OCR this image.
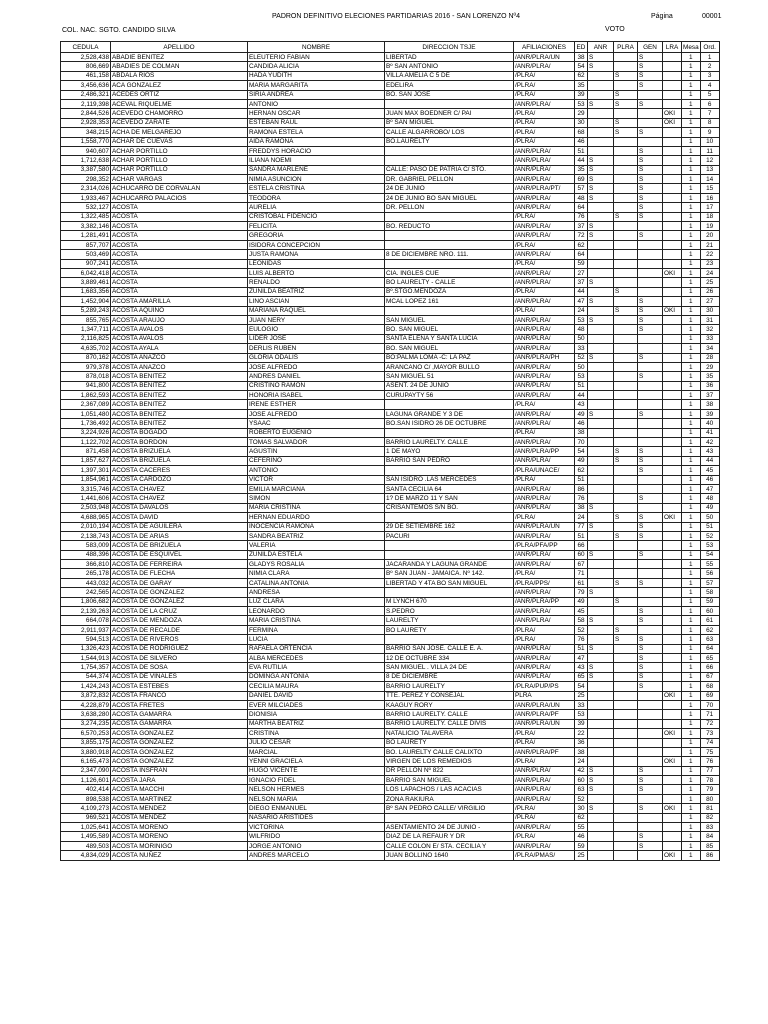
PADRON DEFINITIVO ELECIONES PARTIDARIAS 2016 - SAN LORENZO Nº4	Página	00001
COL. NAC. SGTO. CANDIDO SILVA	VOTO
CEDULA	APELLIDO	NOMBRE	DIRECCION TSJE	AFILIACIONES	ED	ANR	PLRA	GEN	LRA	Mesa	Ord.
2,528,438	ABADIE BENITEZ	ELEUTERIO FABIAN	LIBERTAD	/ANR/PLRA/UN	38	S		S		1	1
806,669	ABADIES DE COLMAN	CANDIDA ALICIA	Bº SAN ANTONIO	/ANR/PLRA/	54	S		S		1	2
461,158	ABDALA RIOS	HADA YUDITH	VILLA AMELIA C 5 DE	/PLRA/	62		S	S		1	3
3,456,636	ACA GONZALEZ	MARIA MARGARITA	EDELIRA	/PLRA/	35			S		1	4
2,486,321	ACEDES ORTIZ	SIRIA ANDREA	BO. SAN JOSE	/PLRA/	39		S			1	5
2,119,398	ACEVAL RIQUELME	ANTONIO		/ANR/PLRA/	53	S	S	S		1	6
2,844,526	ACEVEDO CHAMORRO	HERNAN OSCAR	JUAN MAX BOEDNER C/ PAI	/PLRA/	29				OKI	1	7
2,928,353	ACEVEDO ZARATE	ESTEBAN RAUL	Bº SAN MIGUEL	/PLRA/	30		S		OKI	1	8
348,215	ACHA DE MELGAREJO	RAMONA ESTELA	CALLE ALGARROBO/ LOS	/PLRA/	68		S	S		1	9
1,558,770	ACHAR DE CUEVAS	AIDA RAMONA	BO.LAURELTY	/PLRA/	46					1	10
940,607	ACHAR PORTILLO	FREDDYS HORACIO		/ANR/PLRA/	51			S		1	11
1,712,638	ACHAR PORTILLO	ILIANA NOEMI		/ANR/PLRA/	44	S		S		1	12
3,387,580	ACHAR PORTILLO	SANDRA MARLENE	CALLE: PASO DE PATRIA C/ STO.	/ANR/PLRA/	35	S		S		1	13
298,352	ACHAR VARGAS	NIMIA ASUNCION	DR. GABRIEL PELLON	/ANR/PLRA/	69	S		S		1	14
2,314,026	ACHUCARRO DE CORVALAN	ESTELA CRISTINA	24 DE JUNIO	/ANR/PLRA/PT/	57	S		S		1	15
1,933,467	ACHUCARRO PALACIOS	TEODORA	24 DE JUNIO BO SAN MIGUEL	/ANR/PLRA/	48	S		S		1	16
532,127	ACOSTA	AURELIA	DR. PELLON	/ANR/PLRA/	64			S		1	17
1,322,485	ACOSTA	CRISTOBAL FIDENCIO		/PLRA/	76		S	S		1	18
3,382,146	ACOSTA	FELICITA	BO. REDUCTO	/ANR/PLRA/	37	S				1	19
1,281,491	ACOSTA	GREGORIA		/ANR/PLRA/	72	S		S		1	20
857,707	ACOSTA	ISIDORA CONCEPCION		/PLRA/	62					1	21
503,469	ACOSTA	JUSTA RAMONA	8 DE DICIEMBRE NRO. 111.	/ANR/PLRA/	64					1	22
907,241	ACOSTA	LEONIDAS		/PLRA/	59					1	23
6,042,418	ACOSTA	LUIS ALBERTO	CIA. INGLES CUE	/ANR/PLRA/	27				OKI	1	24
3,889,461	ACOSTA	RENALDO	BO LAURELTY - CALLE	/ANR/PLRA/	37	S				1	25
1,683,356	ACOSTA	ZUNILDA BEATRIZ	Bº.STGO.MENDOZA	/PLRA/	44		S			1	26
1,452,904	ACOSTA AMARILLA	LINO ASCIAN	MCAL LOPEZ 161	/ANR/PLRA/	47	S		S		1	27
5,289,243	ACOSTA AQUINO	MARIANA RAQUEL		/PLRA/	24		S	S	OKI	1	30
855,765	ACOSTA ARAUJO	JUAN NERY	SAN MIGUEL	/ANR/PLRA/	53	S		S		1	31
1,347,711	ACOSTA AVALOS	EULOGIO	BO. SAN MIGUEL	/ANR/PLRA/	48			S		1	32
2,116,825	ACOSTA AVALOS	LIDER JOSE	SANTA ELENA Y SANTA LUCIA	/ANR/PLRA/	50					1	33
4,635,702	ACOSTA AYALA	DERLIS RUBEN	BO. SAN MIGUEL	/ANR/PLRA/	33					1	34
870,162	ACOSTA ANAZCO	GLORIA ODALIS	BO:PALMA LOMA -C: LA PAZ	/ANR/PLRA/PH	52	S		S		1	28
979,378	ACOSTA ANAZCO	JOSE ALFREDO	ARANCANO C/ ,MAYOR BULLO	/ANR/PLRA/	50					1	29
878,018	ACOSTA BENITEZ	ANDRES DANIEL	SAN MIGUEL 51	/ANR/PLRA/	53			S		1	35
941,800	ACOSTA BENITEZ	CRISTINO RAMON	ASENT. 24 DE JUNIO	/ANR/PLRA/	51					1	36
1,862,593	ACOSTA BENITEZ	HONORIA ISABEL	CURUPAYTY 56	/ANR/PLRA/	44					1	37
2,367,089	ACOSTA BENITEZ	IRENE ESTHER		/PLRA/	43					1	38
1,051,480	ACOSTA BENITEZ	JOSE ALFREDO	LAGUNA GRANDE Y 3 DE	/ANR/PLRA/	49	S		S		1	39
1,736,492	ACOSTA BENITEZ	YSAAC	BO.SAN ISIDRO 26 DE OCTUBRE	/ANR/PLRA/	46					1	40
3,224,926	ACOSTA BOGADO	ROBERTO EUGENIO		/PLRA/	38					1	41
1,122,702	ACOSTA BORDON	TOMAS SALVADOR	BARRIO LAURELTY. CALLE	/ANR/PLRA/	70					1	42
871,458	ACOSTA BRIZUELA	AGUSTIN	1 DE MAYO	/ANR/PLRA/PP	54		S	S		1	43
1,857,627	ACOSTA BRIZUELA	CEFERINO	BARRIO SAN PEDRO	/ANR/PLRA/	49		S	S		1	44
1,397,301	ACOSTA CACERES	ANTONIO		/PLRA/UNACE/	62			S		1	45
1,854,961	ACOSTA CARDOZO	VICTOR	SAN ISIDRO .LAS MERCEDES	/PLRA/	51					1	46
3,315,746	ACOSTA CHAVEZ	EMILIA MARCIANA	SANTA CECILIA 64	/ANR/PLRA/	86					1	47
1,441,606	ACOSTA CHAVEZ	SIMON	1? DE MARZO 11 Y SAN	/ANR/PLRA/	76			S		1	48
2,503,948	ACOSTA DAVALOS	MARIA CRISTINA	CRISANTEMOS S/N BO.	/ANR/PLRA/	38	S				1	49
4,688,965	ACOSTA DAVID	HERNAN EDUARDO		/PLRA/	24		S	S	OKI	1	50
2,010,194	ACOSTA DE AGUILERA	INOCENCIA RAMONA	29 DE SETIEMBRE 162	/ANR/PLRA/UN	77	S		S		1	51
2,138,743	ACOSTA DE ARIAS	SANDRA BEATRIZ	PACURI	/ANR/PLRA/	51		S	S		1	52
583,009	ACOSTA DE BRIZUELA	VALERIA		/PLRA/PFA/PP	66					1	53
488,396	ACOSTA DE ESQUIVEL	ZUNILDA ESTELA		/ANR/PLRA/	60	S		S		1	54
366,810	ACOSTA DE FERREIRA	GLADYS ROSALIA	JACARANDA Y LAGUNA GRANDE	/ANR/PLRA/	67					1	55
265,178	ACOSTA DE FLECHA	NIMIA CLARA	Bº SAN JUAN - JAMAICA. Nº 142.	/PLRA/	71					1	56
443,032	ACOSTA DE GARAY	CATALINA ANTONIA	LIBERTAD Y 4TA BO SAN MIGUEL	/PLRA/PPS/	61		S	S		1	57
242,565	ACOSTA DE GONZALEZ	ANDRESA		/ANR/PLRA/	79	S				1	58
1,806,682	ACOSTA DE GONZALEZ	LUZ CLARA	M LYNCH 670	/ANR/PLRA/PP	49		S			1	59
2,139,263	ACOSTA DE LA CRUZ	LEONARDO	S.PEDRO	/ANR/PLRA/	45			S		1	60
664,078	ACOSTA DE MENDOZA	MARIA CRISTINA	LAURELTY	/ANR/PLRA/	58	S		S		1	61
2,911,937	ACOSTA DE RECALDE	FERMINA	BO LAURETY	/PLRA/	52		S			1	62
594,513	ACOSTA DE RIVEROS	LUCIA		/PLRA/	76		S	S		1	63
1,326,423	ACOSTA DE RODRIGUEZ	RAFAELA ORTENCIA	BARRIO SAN JOSE. CALLE E. A.	/ANR/PLRA/	51	S		S		1	64
1,544,913	ACOSTA DE SILVERO	ALBA MERCEDES	12 DE OCTUBRE 334	/ANR/PLRA/	47			S		1	65
1,754,357	ACOSTA DE SOSA	EVA RUTILIA	SAN MIGUEL . VILLA 24 DE	/ANR/PLRA/	43	S		S		1	66
544,374	ACOSTA DE VIÑALES	DOMINGA ANTONIA	8 DE DICIEMBRE	/ANR/PLRA/	65	S		S		1	67
1,424,243	ACOSTA ESTEBES	CECILIA MAURA	BARRIO LAURELTY	/PLRA/PUP/PS	54			S		1	68
3,872,832	ACOSTA FRANCO	DANIEL DAVID	TTE. PEREZ Y CONSEJAL	PLRA	25				OKI	1	69
4,228,879	ACOSTA FRETES	EVER MILCIADES	KAAGUY RORY	/ANR/PLRA/UN	33					1	70
3,638,280	ACOSTA GAMARRA	DIONISIA	BARRIO LAURELTY. CALLE	/ANR/PLRA/PF	53					1	71
3,274,235	ACOSTA GAMARRA	MARTHA BEATRIZ	BARRIO LAURELTY. CALLE DIVIS	/ANR/PLRA/UN	39					1	72
6,570,253	ACOSTA GONZALEZ	CRISTINA	NATALICIO TALAVERA	/PLRA/	22				OKI	1	73
3,855,175	ACOSTA GONZALEZ	JULIO CESAR	BO LAURETY	/PLRA/	36					1	74
3,880,918	ACOSTA GONZALEZ	MARCIAL	BO. LAURELTY CALLE CALIXTO	/ANR/PLRA/PF	38					1	75
6,165,473	ACOSTA GONZALEZ	YENNI GRACIELA	VIRGEN DE LOS REMEDIOS	/PLRA/	24				OKI	1	76
2,347,090	ACOSTA INSFRAN	HUGO VICENTE	DR PELLON Nº 822	/ANR/PLRA/	42	S		S		1	77
1,126,601	ACOSTA JARA	IGNACIO FIDEL	BARRIO SAN MIGUEL	/ANR/PLRA/	60	S		S		1	78
402,414	ACOSTA MACCHI	NELSON HERMES	LOS LAPACHOS / LAS ACACIAS	/ANR/PLRA/	63	S		S		1	79
898,538	ACOSTA MARTINEZ	NELSON MARIA	ZONA RAKIURA	/ANR/PLRA/	52					1	80
4,109,273	ACOSTA MENDEZ	DIEGO ENMANUEL	Bº SAN PEDRO CALLE/ VIRGILIO	/PLRA/	30	S		S	OKI	1	81
969,521	ACOSTA MENDEZ	NASARIO ARISTIDES		/PLRA/	62					1	82
1,025,641	ACOSTA MORENO	VICTORINA	ASENTAMIENTO 24 DE JUNIO -	/ANR/PLRA/	55					1	83
1,495,589	ACOSTA MORENO	WILFRIDO	DIAZ DE LA REFAUR Y DR	/PLRA/	46			S		1	84
489,503	ACOSTA MORINIGO	JORGE ANTONIO	CALLE COLON E/ STA. CECILIA Y	/ANR/PLRA/	59			S		1	85
4,834,029	ACOSTA NUÑEZ	ANDRES MARCELO	JUAN BOLLINO 1640	/PLRA/PMAS/	25				OKI	1	86
